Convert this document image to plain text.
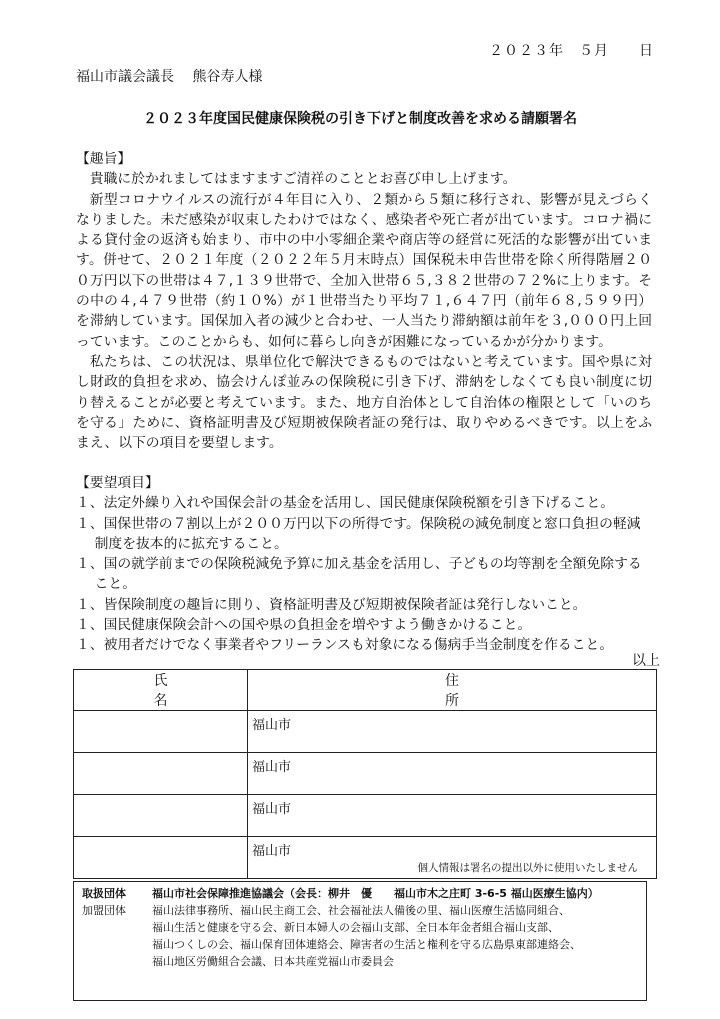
２０２３年　５月　　日
福山市議会議長　 熊谷寿人様
２０２３年度国民健康保険税の引き下げと制度改善を求める請願署名

【趣旨】

貴職に於かれましてはますますご清祥のこととお喜び申し上げます。

新型コロナウイルスの流行が４年目に入り、２類から５類に移行され、影響が見えづらくなりました。未だ感染が収束したわけではなく、感染者や死亡者が出ています。コロナ禍による貸付金の返済も始まり、市中の中小零細企業や商店等の経営に死活的な影響が出ています。併せて、２０２１年度（２０２２年５月末時点）国保税未申告世帯を除く所得階層２００万円以下の世帯は４７,１３９世帯で、全加入世帯６５,３８２世帯の７２%に上ります。その中の４,４７９世帯（約１０%）が１世帯当たり平均７１,６４７円（前年６８,５９９円）を滞納しています。国保加入者の減少と合わせ、一人当たり滞納額は前年を３,０００円上回っています。このことからも、如何に暮らし向きが困難になっているかが分かります。

私たちは、この状況は、県単位化で解決できるものではないと考えています。国や県に対し財政的負担を求め、協会けんぽ並みの保険税に引き下げ、滞納をしなくても良い制度に切り替えることが必要と考えています。また、地方自治体として自治体の権限として「いのちを守る」ために、資格証明書及び短期被保険者証の発行は、取りやめるべきです。以上をふまえ、以下の項目を要望します。

【要望項目】

１、法定外繰り入れや国保会計の基金を活用し、国民健康保険税額を引き下げること。
１、国保世帯の７割以上が２００万円以下の所得です。保険税の減免制度と窓口負担の軽減制度を抜本的に拡充すること。
１、国の就学前までの保険税減免予算に加え基金を活用し、子どもの均等割を全額免除すること。
１、皆保険制度の趣旨に則り、資格証明書及び短期被保険者証は発行しないこと。
１、国民健康保険会計への国や県の負担金を増やすよう働きかけること。
１、被用者だけでなく事業者やフリーランスも対象になる傷病手当金制度を作ること。
以上
氏名	住所
	福山市
	福山市
	福山市
	福山市
個人情報は署名の提出以外に使用いたしません
取扱団体	福山市社会保障推進協議会（会長：柳井　優　　福山市木之庄町 3-6-5 福山医療生協内）
加盟団体	福山法律事務所、福山民主商工会、社会福祉法人備後の里、福山医療生活協同組合、
福山生活と健康を守る会、新日本婦人の会福山支部、全日本年金者組合福山支部、
福山つくしの会、福山保育団体連絡会、障害者の生活と権利を守る広島県東部連絡会、
福山地区労働組合会議、日本共産党福山市委員会
